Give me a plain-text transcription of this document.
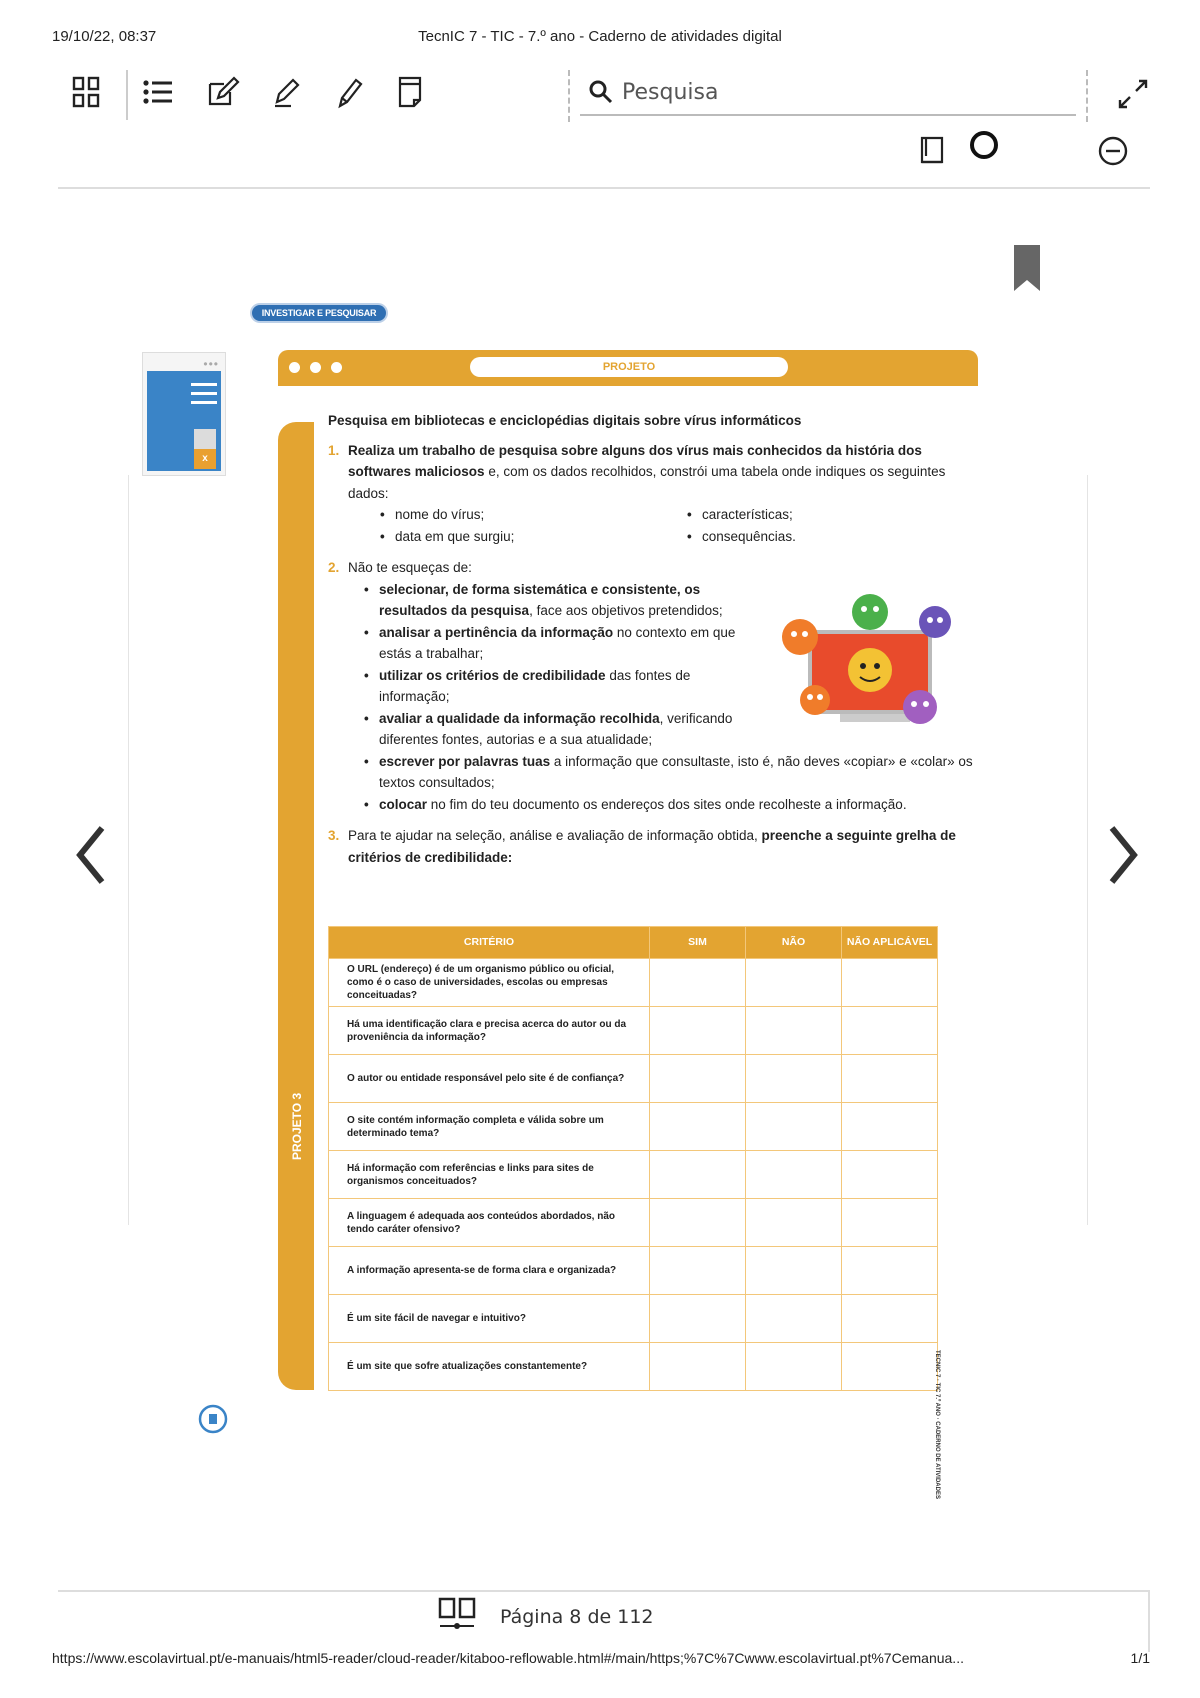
19/10/22, 08:37	TecnIC 7 - TIC - 7.º ano - Caderno de atividades digital
Pesquisa
INVESTIGAR E PESQUISAR
•••
x
PROJETO
PROJETO 3
Pesquisa em bibliotecas e enciclopédias digitais sobre vírus informáticos
1. Realiza um trabalho de pesquisa sobre alguns dos vírus mais conhecidos da história dos softwares maliciosos e, com os dados recolhidos, constrói uma tabela onde indiques os seguintes dados:
• nome do vírus;
• data em que surgiu;
• características;
• consequências.
2. Não te esqueças de:
• selecionar, de forma sistemática e consistente, os resultados da pesquisa, face aos objetivos pretendidos;
• analisar a pertinência da informação no contexto em que estás a trabalhar;
• utilizar os critérios de credibilidade das fontes de informação;
• avaliar a qualidade da informação recolhida, verificando diferentes fontes, autorias e a sua atualidade;
• escrever por palavras tuas a informação que consultaste, isto é, não deves «copiar» e «colar» os textos consultados;
• colocar no fim do teu documento os endereços dos sites onde recolheste a informação.
3. Para te ajudar na seleção, análise e avaliação de informação obtida, preenche a seguinte grelha de critérios de credibilidade:
CRITÉRIO	SIM	NÃO	NÃO APLICÁVEL
O URL (endereço) é de um organismo público ou oficial, como é o caso de universidades, escolas ou empresas conceituadas?			
Há uma identificação clara e precisa acerca do autor ou da proveniência da informação?			
O autor ou entidade responsável pelo site é de confiança?			
O site contém informação completa e válida sobre um determinado tema?			
Há informação com referências e links para sites de organismos conceituados?			
A linguagem é adequada aos conteúdos abordados, não tendo caráter ofensivo?			
A informação apresenta-se de forma clara e organizada?			
É um site fácil de navegar e intuitivo?			
É um site que sofre atualizações constantemente?				TECNIC 7 · TIC 7.º ANO · CADERNO DE ATIVIDADES
Página 8 de 112
https://www.escolavirtual.pt/e-manuais/html5-reader/cloud-reader/kitaboo-reflowable.html#/main/https;%7C%7Cwww.escolavirtual.pt%7Cemanua...	1/1
